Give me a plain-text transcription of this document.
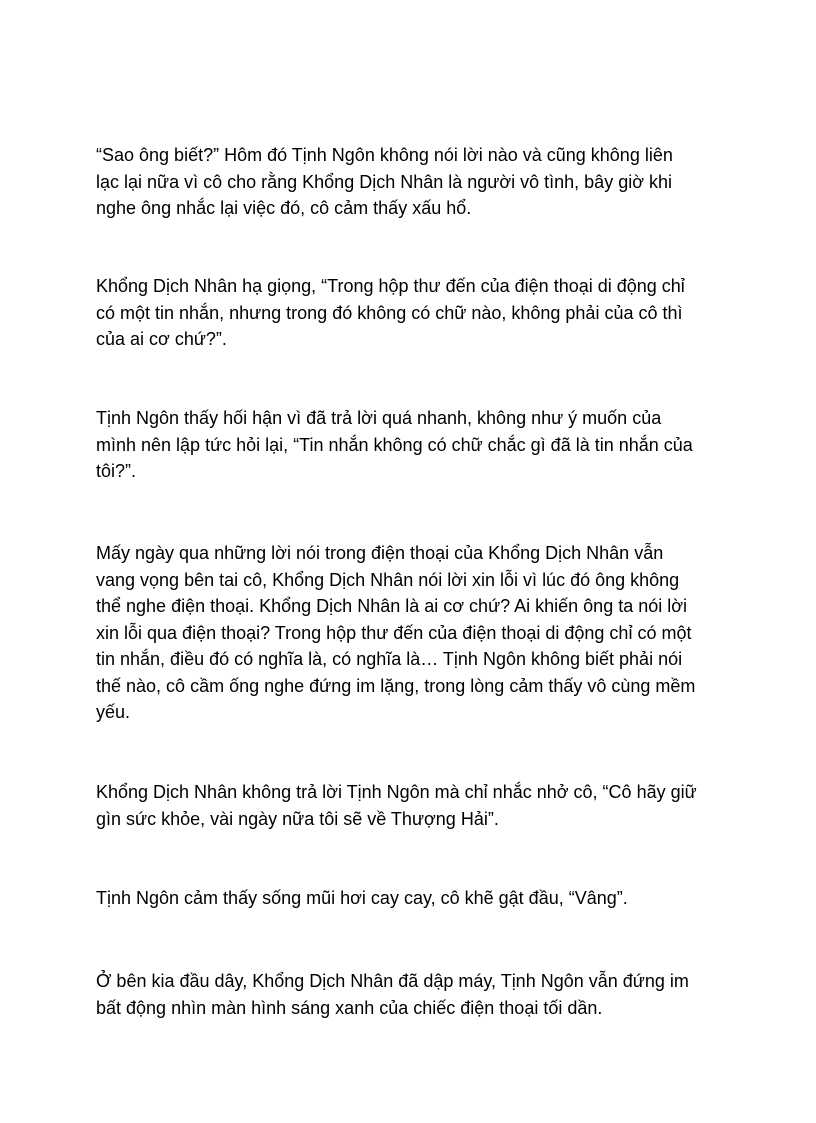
“Sao ông biết?” Hôm đó Tịnh Ngôn không nói lời nào và cũng không liên
lạc lại nữa vì cô cho rằng Khổng Dịch Nhân là người vô tình, bây giờ khi
nghe ông nhắc lại việc đó, cô cảm thấy xấu hổ.

Khổng Dịch Nhân hạ giọng, “Trong hộp thư đến của điện thoại di động chỉ
có một tin nhắn, nhưng trong đó không có chữ nào, không phải của cô thì
của ai cơ chứ?”.

Tịnh Ngôn thấy hối hận vì đã trả lời quá nhanh, không như ý muốn của
mình nên lập tức hỏi lại, “Tin nhắn không có chữ chắc gì đã là tin nhắn của
tôi?”.

Mấy ngày qua những lời nói trong điện thoại của Khổng Dịch Nhân vẫn
vang vọng bên tai cô, Khổng Dịch Nhân nói lời xin lỗi vì lúc đó ông không
thể nghe điện thoại. Khổng Dịch Nhân là ai cơ chứ? Ai khiến ông ta nói lời
xin lỗi qua điện thoại? Trong hộp thư đến của điện thoại di động chỉ có một
tin nhắn, điều đó có nghĩa là, có nghĩa là… Tịnh Ngôn không biết phải nói
thế nào, cô cầm ống nghe đứng im lặng, trong lòng cảm thấy vô cùng mềm
yếu.

Khổng Dịch Nhân không trả lời Tịnh Ngôn mà chỉ nhắc nhở cô, “Cô hãy giữ
gìn sức khỏe, vài ngày nữa tôi sẽ về Thượng Hải”.

Tịnh Ngôn cảm thấy sống mũi hơi cay cay, cô khẽ gật đầu, “Vâng”.

Ở bên kia đầu dây, Khổng Dịch Nhân đã dập máy, Tịnh Ngôn vẫn đứng im
bất động nhìn màn hình sáng xanh của chiếc điện thoại tối dần.
